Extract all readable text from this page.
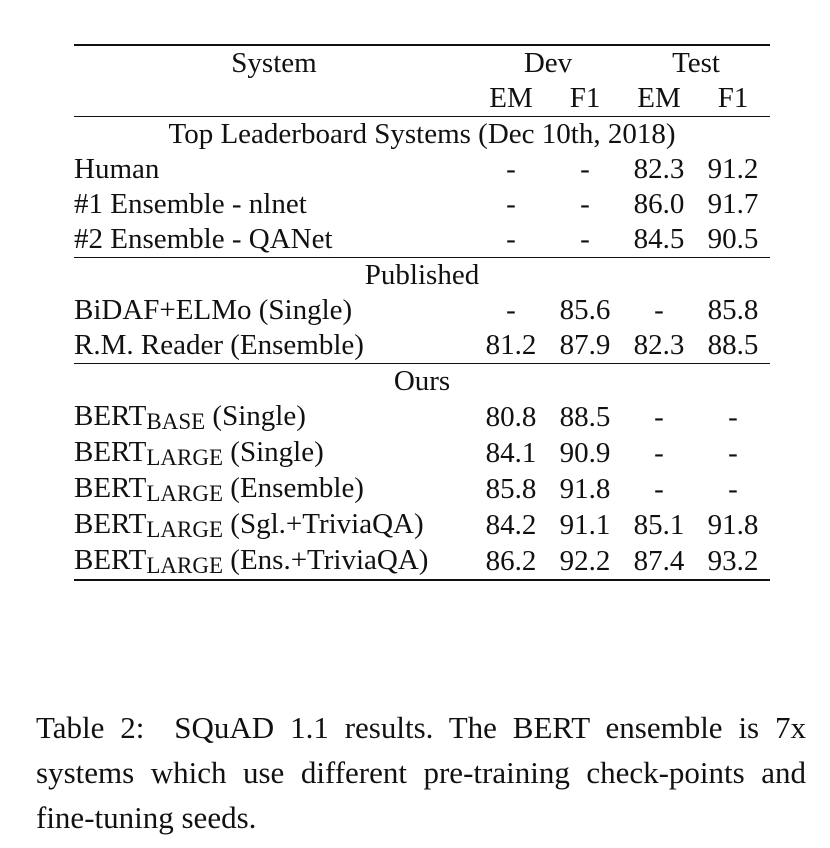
System	Dev		Test	
	EM	F1	EM	F1

Top Leaderboard Systems (Dec 10th, 2018)				
Human	-	-	82.3	91.2
#1 Ensemble - nlnet	-	-	86.0	91.7
#2 Ensemble - QANet	-	-	84.5	90.5
Published				
BiDAF+ELMo (Single)	-	85.6	-	85.8
R.M. Reader (Ensemble)	81.2	87.9	82.3	88.5
Ours				
BERTBASE (Single)	80.8	88.5	-	-
BERTLARGE (Single)	84.1	90.9	-	-
BERTLARGE (Ensemble)	85.8	91.8	-	-
BERTLARGE (Sgl.+TriviaQA)	84.2	91.1	85.1	91.8
BERTLARGE (Ens.+TriviaQA)	86.2	92.2	87.4	93.2
Table 2: SQuAD 1.1 results. The BERT ensemble is 7x systems which use different pre-training check-points and fine-tuning seeds.
